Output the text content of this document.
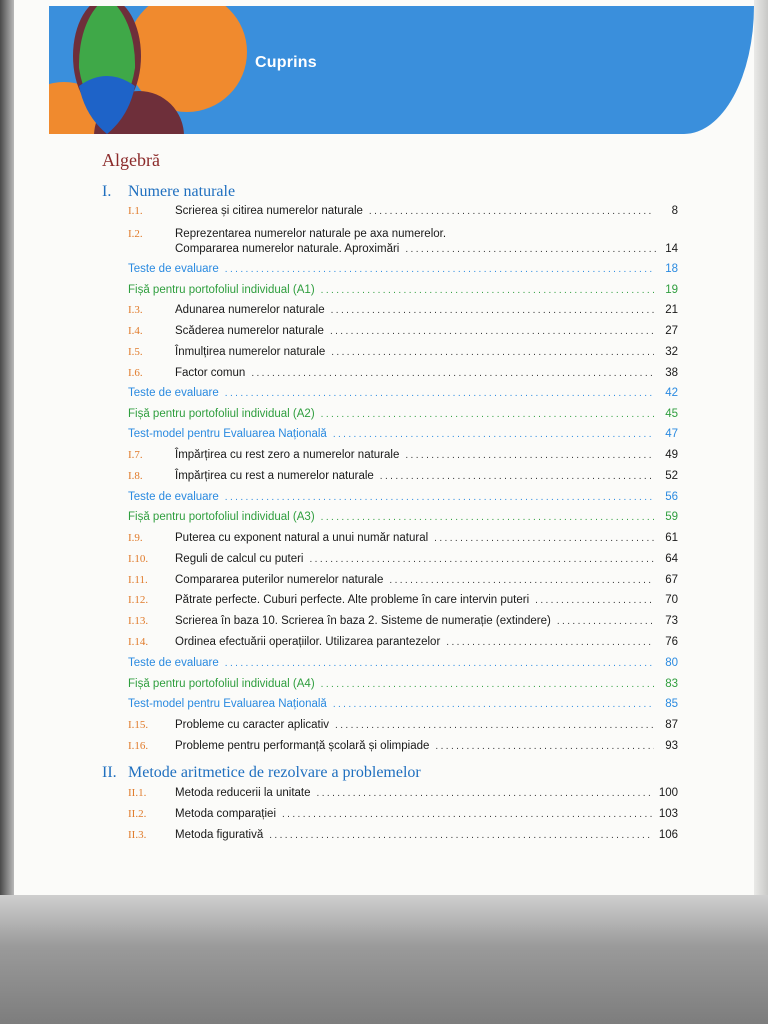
Cuprins
Algebră
I. Numere naturale
I.1.	Scrierea și citirea numerelor naturale .....	8
I.2.	Reprezentarea numerelor naturale pe axa numerelor.
Compararea numerelor naturale. Aproximări .....	14
Teste de evaluare .....	18
Fișă pentru portofoliul individual (A1) .....	19
I.3.	Adunarea numerelor naturale .....	21
I.4.	Scăderea numerelor naturale .....	27
I.5.	Înmulțirea numerelor naturale .....	32
I.6.	Factor comun .....	38
Teste de evaluare .....	42
Fișă pentru portofoliul individual (A2) .....	45
Test-model pentru Evaluarea Națională .....	47
I.7.	Împărțirea cu rest zero a numerelor naturale .....	49
I.8.	Împărțirea cu rest a numerelor naturale .....	52
Teste de evaluare .....	56
Fișă pentru portofoliul individual (A3) .....	59
I.9.	Puterea cu exponent natural a unui număr natural .....	61
I.10.	Reguli de calcul cu puteri .....	64
I.11.	Compararea puterilor numerelor naturale .....	67
I.12.	Pătrate perfecte. Cuburi perfecte. Alte probleme în care intervin puteri .....	70
I.13.	Scrierea în baza 10. Scrierea în baza 2. Sisteme de numerație (extindere) .....	73
I.14.	Ordinea efectuării operațiilor. Utilizarea parantezelor .....	76
Teste de evaluare .....	80
Fișă pentru portofoliul individual (A4) .....	83
Test-model pentru Evaluarea Națională .....	85
I.15.	Probleme cu caracter aplicativ .....	87
I.16.	Probleme pentru performanță școlară și olimpiade .....	93
II. Metode aritmetice de rezolvare a problemelor
II.1.	Metoda reducerii la unitate .....	100
II.2.	Metoda comparației .....	103
II.3.	Metoda figurativă .....	106
